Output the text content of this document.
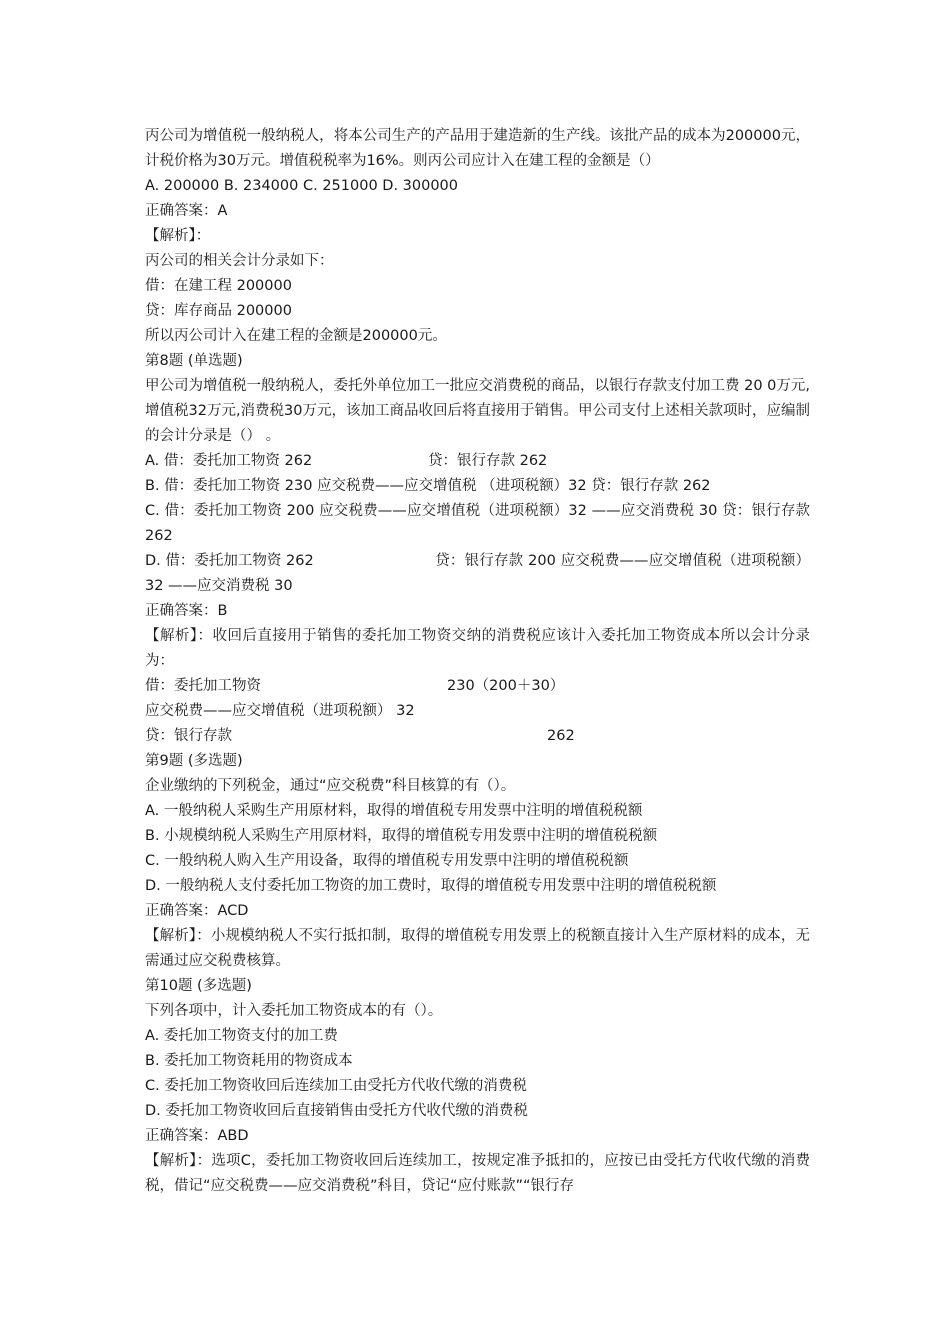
丙公司为增值税一般纳税人，将本公司生产的产品用于建造新的生产线。该批产品的成本为200000元，计税价格为30万元。增值税税率为16%。则丙公司应计入在建工程的金额是（）
A. 200000 B. 234000 C. 251000 D. 300000
正确答案：A
【解析】：
丙公司的相关会计分录如下：
借：在建工程 200000
贷：库存商品 200000
所以丙公司计入在建工程的金额是200000元。
第8题 (单选题)
甲公司为增值税一般纳税人，委托外单位加工一批应交消费税的商品，以银行存款支付加工费 20 0万元,增值税32万元,消费税30万元，该加工商品收回后将直接用于销售。甲公司支付上述相关款项时，应编制的会计分录是（） 。
A. 借：委托加工物资 262	贷：银行存款 262
B. 借：委托加工物资 230 应交税费——应交增值税 （进项税额）32 贷：银行存款 262
C. 借：委托加工物资 200 应交税费——应交增值税（进项税额）32 ——应交消费税 30 贷：银行存款 262
D. 借：委托加工物资 262	贷：银行存款 200 应交税费——应交增值税（进项税额）32 ——应交消费税 30
正确答案：B
【解析】：收回后直接用于销售的委托加工物资交纳的消费税应该计入委托加工物资成本所以会计分录为：
借：委托加工物资	230（200＋30）
应交税费——应交增值税（进项税额） 32
贷：银行存款	262
第9题 (多选题)
企业缴纳的下列税金，通过“应交税费”科目核算的有（）。
A. 一般纳税人采购生产用原材料，取得的增值税专用发票中注明的增值税税额
B. 小规模纳税人采购生产用原材料，取得的增值税专用发票中注明的增值税税额
C. 一般纳税人购入生产用设备，取得的增值税专用发票中注明的增值税税额
D. 一般纳税人支付委托加工物资的加工费时，取得的增值税专用发票中注明的增值税税额
正确答案：ACD
【解析】：小规模纳税人不实行抵扣制，取得的增值税专用发票上的税额直接计入生产原材料的成本，无需通过应交税费核算。
第10题 (多选题)
下列各项中，计入委托加工物资成本的有（）。
A. 委托加工物资支付的加工费
B. 委托加工物资耗用的物资成本
C. 委托加工物资收回后连续加工由受托方代收代缴的消费税
D. 委托加工物资收回后直接销售由受托方代收代缴的消费税
正确答案：ABD
【解析】：选项C，委托加工物资收回后连续加工，按规定准予抵扣的，应按已由受托方代收代缴的消费税，借记“应交税费——应交消费税”科目，贷记“应付账款”“银行存
